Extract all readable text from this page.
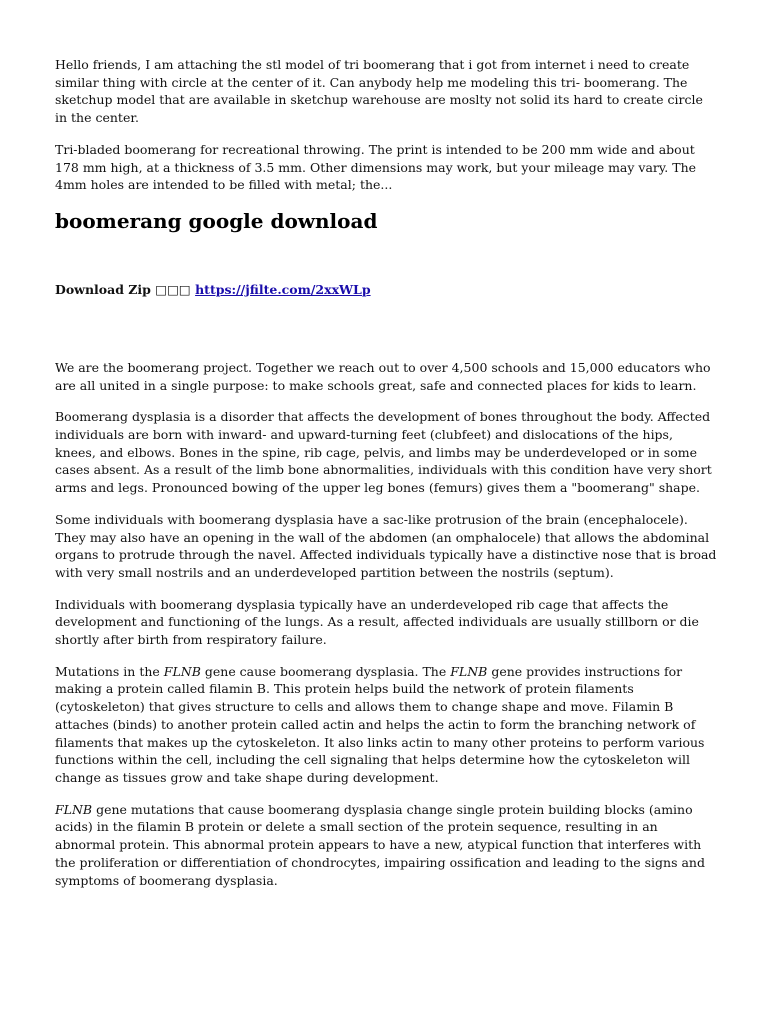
Hello friends, I am attaching the stl model of tri boomerang that i got from internet i need to create similar thing with circle at the center of it. Can anybody help me modeling this tri- boomerang. The sketchup model that are available in sketchup warehouse are moslty not solid its hard to create circle in the center.

Tri-bladed boomerang for recreational throwing. The print is intended to be 200 mm wide and about 178 mm high, at a thickness of 3.5 mm. Other dimensions may work, but your mileage may vary. The 4mm holes are intended to be filled with metal; the...

boomerang google download
Download Zip □□□ https://jfilte.com/2xxWLp

We are the boomerang project. Together we reach out to over 4,500 schools and 15,000 educators who are all united in a single purpose: to make schools great, safe and connected places for kids to learn.

Boomerang dysplasia is a disorder that affects the development of bones throughout the body. Affected individuals are born with inward- and upward-turning feet (clubfeet) and dislocations of the hips, knees, and elbows. Bones in the spine, rib cage, pelvis, and limbs may be underdeveloped or in some cases absent. As a result of the limb bone abnormalities, individuals with this condition have very short arms and legs. Pronounced bowing of the upper leg bones (femurs) gives them a "boomerang" shape.

Some individuals with boomerang dysplasia have a sac-like protrusion of the brain (encephalocele). They may also have an opening in the wall of the abdomen (an omphalocele) that allows the abdominal organs to protrude through the navel. Affected individuals typically have a distinctive nose that is broad with very small nostrils and an underdeveloped partition between the nostrils (septum).

Individuals with boomerang dysplasia typically have an underdeveloped rib cage that affects the development and functioning of the lungs. As a result, affected individuals are usually stillborn or die shortly after birth from respiratory failure.

Mutations in the FLNB gene cause boomerang dysplasia. The FLNB gene provides instructions for making a protein called filamin B. This protein helps build the network of protein filaments (cytoskeleton) that gives structure to cells and allows them to change shape and move. Filamin B attaches (binds) to another protein called actin and helps the actin to form the branching network of filaments that makes up the cytoskeleton. It also links actin to many other proteins to perform various functions within the cell, including the cell signaling that helps determine how the cytoskeleton will change as tissues grow and take shape during development.

FLNB gene mutations that cause boomerang dysplasia change single protein building blocks (amino acids) in the filamin B protein or delete a small section of the protein sequence, resulting in an abnormal protein. This abnormal protein appears to have a new, atypical function that interferes with the proliferation or differentiation of chondrocytes, impairing ossification and leading to the signs and symptoms of boomerang dysplasia.
